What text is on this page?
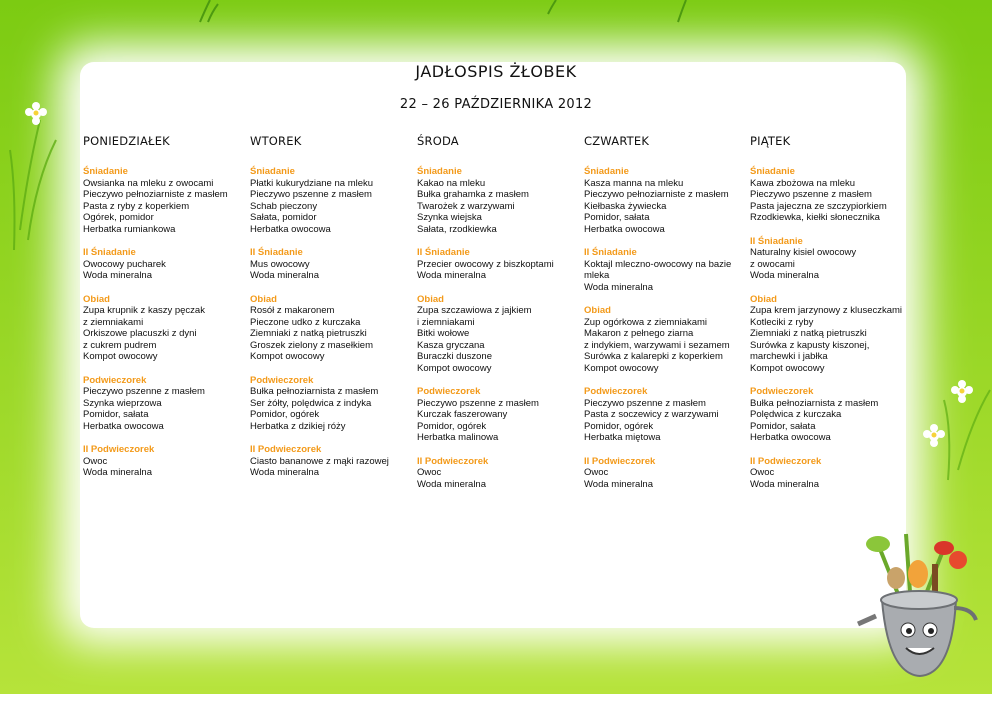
JADŁOSPIS ŻŁOBEK
22 – 26 PAŹDZIERNIKA 2012
PONIEDZIAŁEK
Śniadanie
Owsianka na mleku z owocami
Pieczywo pełnoziarniste z masłem
Pasta z ryby z koperkiem
Ogórek, pomidor
Herbatka rumiankowa
II Śniadanie
Owocowy pucharek
Woda mineralna
Obiad
Zupa krupnik z kaszy pęczak
z ziemniakami
Orkiszowe placuszki z dyni
z cukrem pudrem
Kompot owocowy
Podwieczorek
Pieczywo pszenne z masłem
Szynka wieprzowa
Pomidor, sałata
Herbatka owocowa
II Podwieczorek
Owoc
Woda mineralna
WTOREK
Śniadanie
Płatki kukurydziane na mleku
Pieczywo pszenne z masłem
Schab pieczony
Sałata, pomidor
Herbatka owocowa
II Śniadanie
Mus owocowy
Woda mineralna
Obiad
Rosół z makaronem
Pieczone udko z kurczaka
Ziemniaki z natką pietruszki
Groszek zielony z masełkiem
Kompot owocowy
Podwieczorek
Bułka pełnoziarnista z masłem
Ser żółty, polędwica z indyka
Pomidor, ogórek
Herbatka z dzikiej róży
II Podwieczorek
Ciasto bananowe z mąki razowej
Woda mineralna
ŚRODA
Śniadanie
Kakao na mleku
Bułka grahamka z masłem
Twarożek z warzywami
Szynka wiejska
Sałata, rzodkiewka
II Śniadanie
Przecier owocowy z biszkoptami
Woda mineralna
Obiad
Zupa szczawiowa z jajkiem
i ziemniakami
Bitki wołowe
Kasza gryczana
Buraczki duszone
Kompot owocowy
Podwieczorek
Pieczywo pszenne z masłem
Kurczak faszerowany
Pomidor, ogórek
Herbatka malinowa
II Podwieczorek
Owoc
Woda mineralna
CZWARTEK
Śniadanie
Kasza manna na mleku
Pieczywo pełnoziarniste z masłem
Kiełbaska żywiecka
Pomidor, sałata
Herbatka owocowa
II Śniadanie
Koktajl mleczno-owocowy na bazie
mleka
Woda mineralna
Obiad
Zup ogórkowa z ziemniakami
Makaron z pełnego ziarna
z indykiem, warzywami i sezamem
Surówka z kalarepki z koperkiem
Kompot owocowy
Podwieczorek
Pieczywo pszenne z masłem
Pasta z soczewicy z warzywami
Pomidor, ogórek
Herbatka miętowa
II Podwieczorek
Owoc
Woda mineralna
PIĄTEK
Śniadanie
Kawa zbożowa na mleku
Pieczywo pszenne z masłem
Pasta jajeczna ze szczypiorkiem
Rzodkiewka, kiełki słonecznika
II Śniadanie
Naturalny kisiel owocowy
z owocami
Woda mineralna
Obiad
Zupa krem jarzynowy z kluseczkami
Kotleciki z ryby
Ziemniaki z natką pietruszki
Surówka z kapusty kiszonej,
marchewki i jabłka
Kompot owocowy
Podwieczorek
Bułka pełnoziarnista z masłem
Polędwica z kurczaka
Pomidor, sałata
Herbatka owocowa
II Podwieczorek
Owoc
Woda mineralna
